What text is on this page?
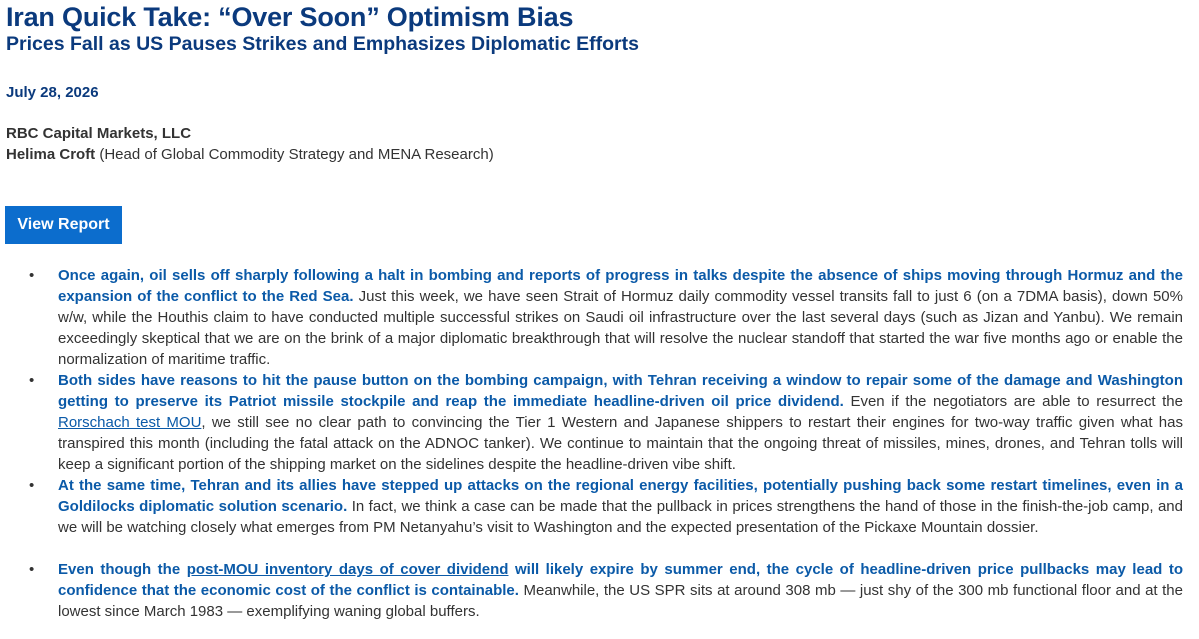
Iran Quick Take: “Over Soon” Optimism Bias
Prices Fall as US Pauses Strikes and Emphasizes Diplomatic Efforts
July 28, 2026
RBC Capital Markets, LLC
Helima Croft (Head of Global Commodity Strategy and MENA Research)
View Report
• Once again, oil sells off sharply following a halt in bombing and reports of progress in talks despite the absence of ships moving through Hormuz and the expansion of the conflict to the Red Sea. Just this week, we have seen Strait of Hormuz daily commodity vessel transits fall to just 6 (on a 7DMA basis), down 50% w/w, while the Houthis claim to have conducted multiple successful strikes on Saudi oil infrastructure over the last several days (such as Jizan and Yanbu). We remain exceedingly skeptical that we are on the brink of a major diplomatic breakthrough that will resolve the nuclear standoff that started the war five months ago or enable the normalization of maritime traffic.
• Both sides have reasons to hit the pause button on the bombing campaign, with Tehran receiving a window to repair some of the damage and Washington getting to preserve its Patriot missile stockpile and reap the immediate headline-driven oil price dividend. Even if the negotiators are able to resurrect the Rorschach test MOU, we still see no clear path to convincing the Tier 1 Western and Japanese shippers to restart their engines for two-way traffic given what has transpired this month (including the fatal attack on the ADNOC tanker). We continue to maintain that the ongoing threat of missiles, mines, drones, and Tehran tolls will keep a significant portion of the shipping market on the sidelines despite the headline-driven vibe shift.
• At the same time, Tehran and its allies have stepped up attacks on the regional energy facilities, potentially pushing back some restart timelines, even in a Goldilocks diplomatic solution scenario. In fact, we think a case can be made that the pullback in prices strengthens the hand of those in the finish-the-job camp, and we will be watching closely what emerges from PM Netanyahu’s visit to Washington and the expected presentation of the Pickaxe Mountain dossier.
• Even though the post-MOU inventory days of cover dividend will likely expire by summer end, the cycle of headline-driven price pullbacks may lead to confidence that the economic cost of the conflict is containable. Meanwhile, the US SPR sits at around 308 mb — just shy of the 300 mb functional floor and at the lowest since March 1983 — exemplifying waning global buffers.
